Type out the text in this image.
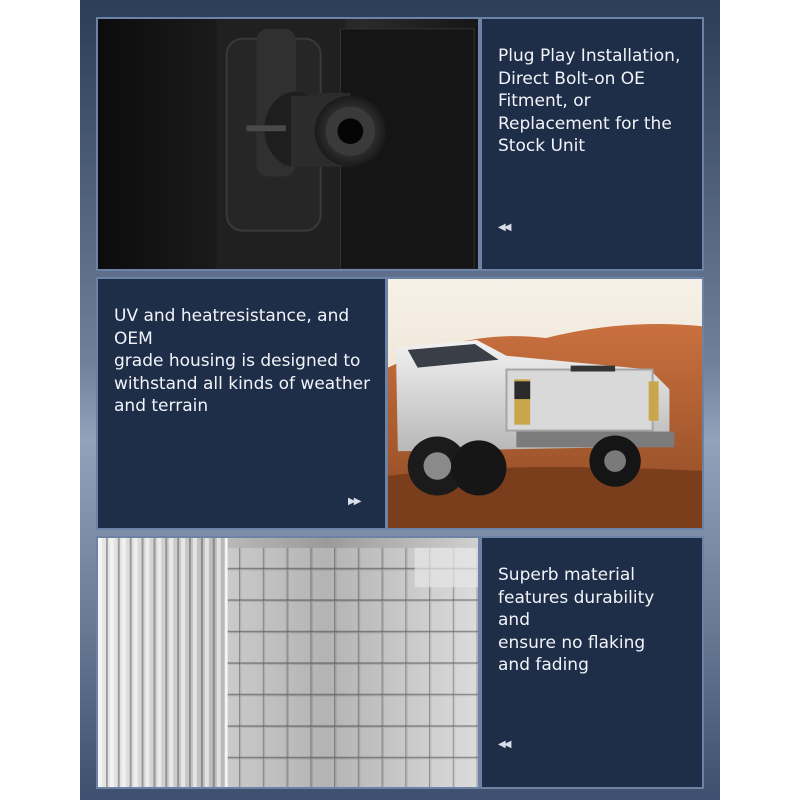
Plug Play Installation,
Direct Bolt-on OE
Fitment, or
Replacement for the
Stock Unit
◀◀
UV and heatresistance, and OEM
grade housing is designed to
withstand all kinds of weather
and terrain
▶▶
Superb material
features durability and
ensure no flaking
and fading
◀◀
